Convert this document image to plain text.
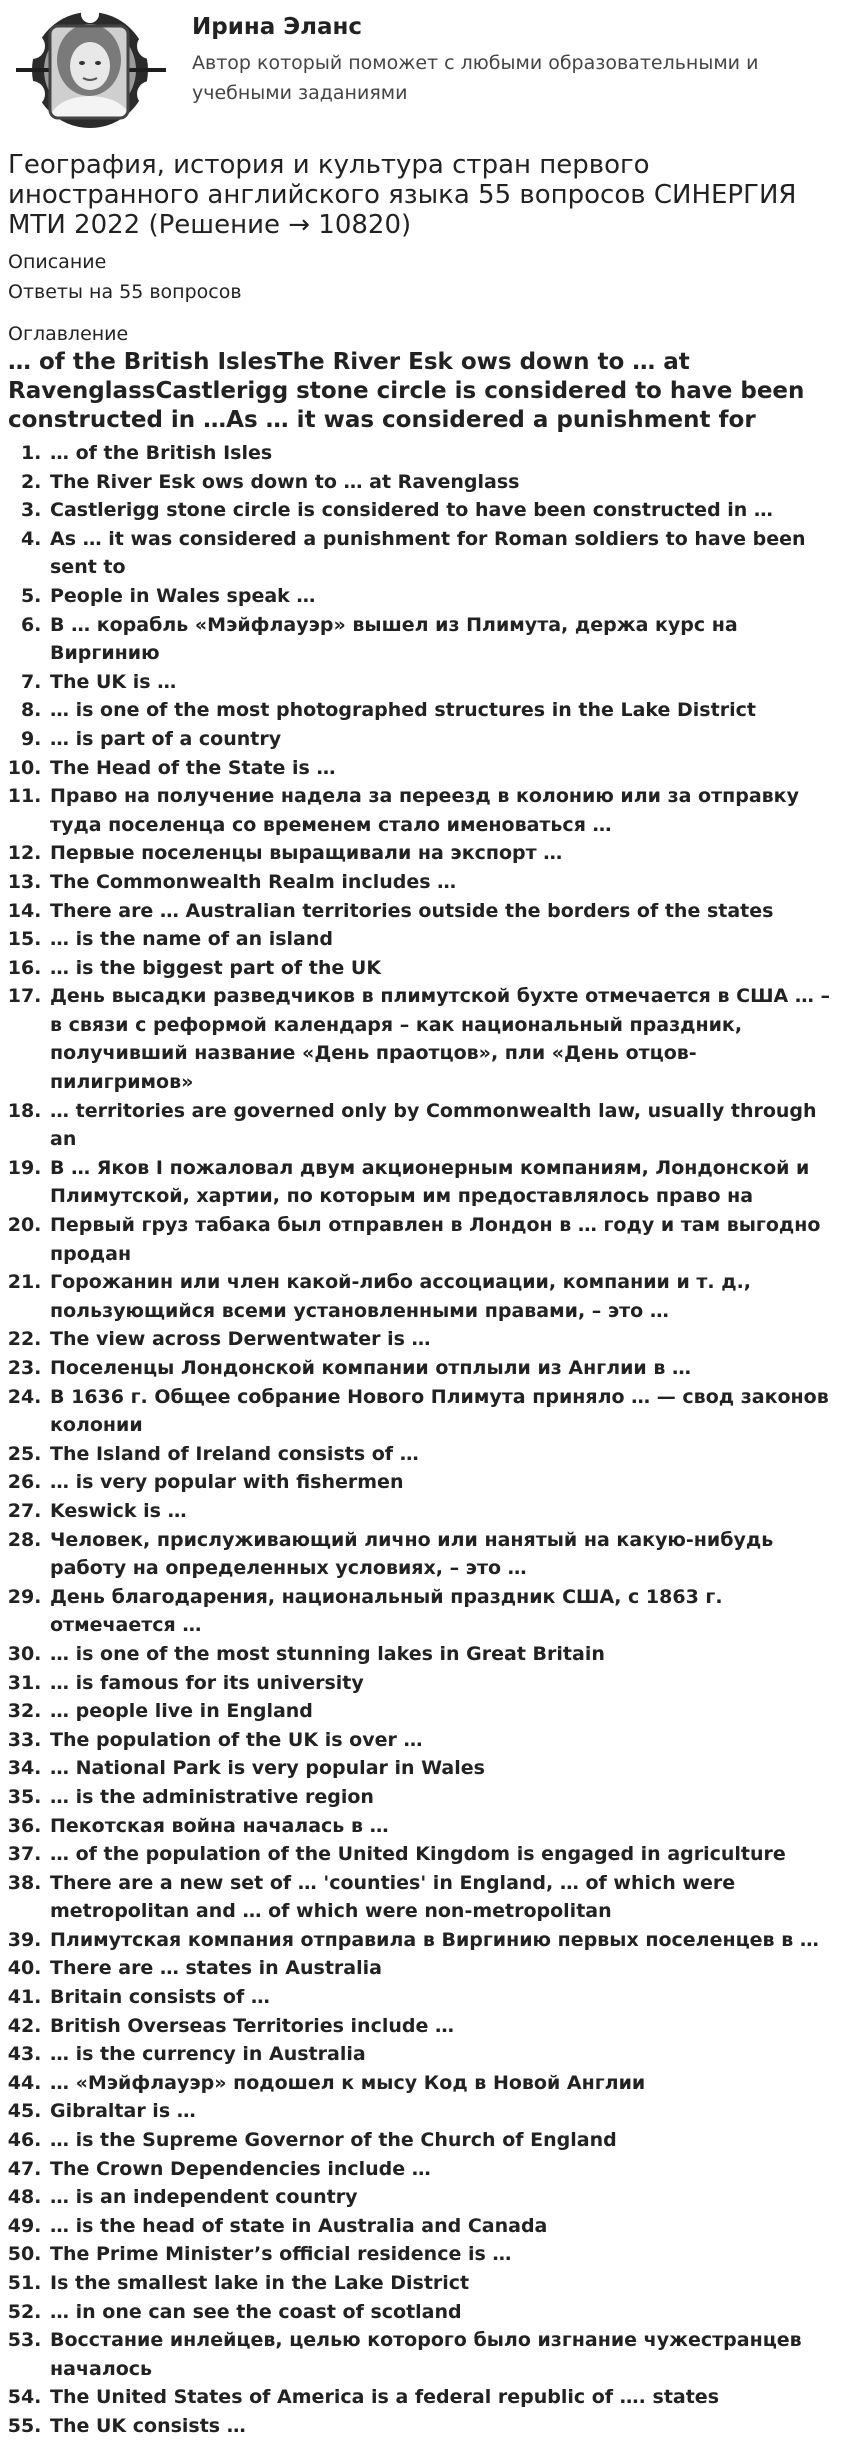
Ирина Эланс
Автор который поможет с любыми образовательными и учебными заданиями
География, история и культура стран первого иностранного английского языка 55 вопросов СИНЕРГИЯ МТИ 2022 (Решение → 10820)
Описание
Ответы на 55 вопросов
Оглавление
… of the British IslesThe River Esk ows down to … at RavenglassCastlerigg stone circle is considered to have been constructed in …As … it was considered a punishment for
1. … of the British Isles
2. The River Esk ows down to … at Ravenglass
3. Castlerigg stone circle is considered to have been constructed in …
4. As … it was considered a punishment for Roman soldiers to have been sent to
5. People in Wales speak …
6. В … корабль «Мэйфлауэр» вышел из Плимута, держа курс на Виргинию
7. The UK is …
8. … is one of the most photographed structures in the Lake District
9. … is part of a country
10. The Head of the State is …
11. Право на получение надела за переезд в колонию или за отправку туда поселенца со временем стало именоваться …
12. Первые поселенцы выращивали на экспорт …
13. The Commonwealth Realm includes …
14. There are … Australian territories outside the borders of the states
15. … is the name of an island
16. … is the biggest part of the UK
17. День высадки разведчиков в плимутской бухте отмечается в США … – в связи с реформой календаря – как национальный праздник, получивший название «День праотцов», пли «День отцов-пилигримов»
18. … territories are governed only by Commonwealth law, usually through an
19. В … Яков I пожаловал двум акционерным компаниям, Лондонской и Плимутской, хартии, по которым им предоставлялось право на
20. Первый груз табака был отправлен в Лондон в … году и там выгодно продан
21. Горожанин или член какой-либо ассоциации, компании и т. д., пользующийся всеми установленными правами, – это …
22. The view across Derwentwater is …
23. Поселенцы Лондонской компании отплыли из Англии в …
24. В 1636 г. Общее собрание Нового Плимута приняло … — свод законов колонии
25. The Island of Ireland consists of …
26. … is very popular with fishermen
27. Keswick is …
28. Человек, прислуживающий лично или нанятый на какую-нибудь работу на определенных условиях, – это …
29. День благодарения, национальный праздник США, с 1863 г. отмечается …
30. … is one of the most stunning lakes in Great Britain
31. … is famous for its university
32. … people live in England
33. The population of the UK is over …
34. … National Park is very popular in Wales
35. … is the administrative region
36. Пекотская война началась в …
37. … of the population of the United Kingdom is engaged in agriculture
38. There are a new set of … 'counties' in England, … of which were metropolitan and … of which were non-metropolitan
39. Плимутская компания отправила в Виргинию первых поселенцев в …
40. There are … states in Australia
41. Britain consists of …
42. British Overseas Territories include …
43. … is the currency in Australia
44. … «Мэйфлауэр» подошел к мысу Код в Новой Англии
45. Gibraltar is …
46. … is the Supreme Governor of the Church of England
47. The Crown Dependencies include …
48. … is an independent country
49. … is the head of state in Australia and Canada
50. The Prime Minister’s official residence is …
51. Is the smallest lake in the Lake District
52. … in one can see the coast of scotland
53. Восстание инлейцев, целью которого было изгнание чужестранцев началось
54. The United States of America is a federal republic of …. states
55. The UK consists …
